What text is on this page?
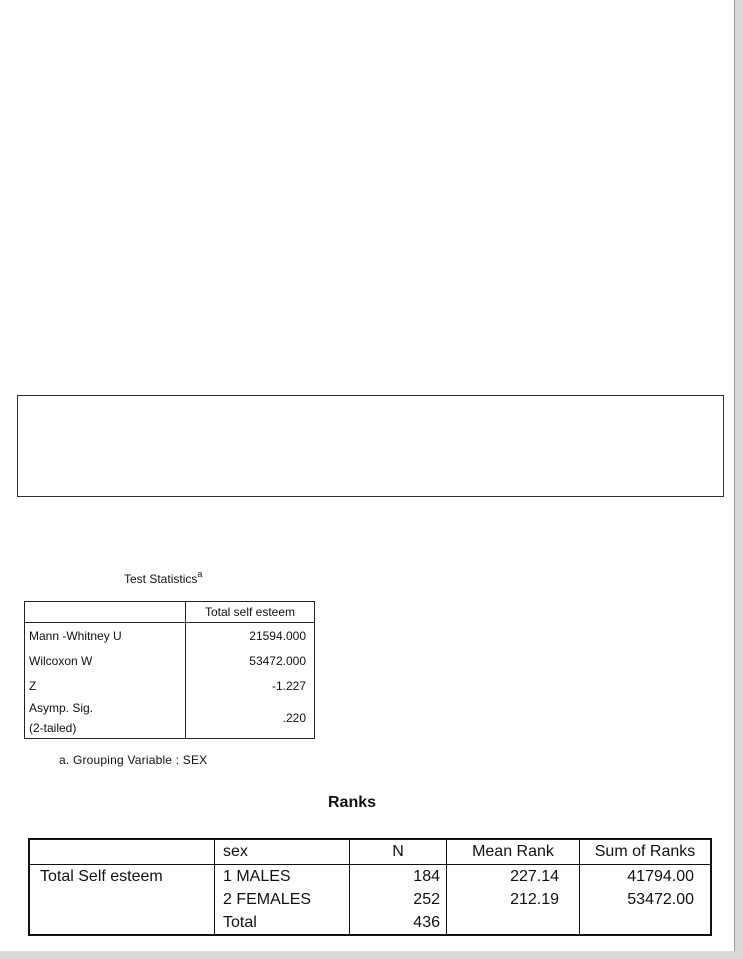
Test Statistics$^a$
	Total self esteem
Mann -Whitney U	21594.000
Wilcoxon W	53472.000
Z	-1.227

Asymp. Sig.
(2-tailed)	.220
a. Grouping Variable : SEX
Ranks
	sex	N	Mean Rank	Sum of Ranks
Total Self esteem	1 MALES	184	227.14	41794.00
	2 FEMALES	252	212.19	53472.00
	Total	436		
